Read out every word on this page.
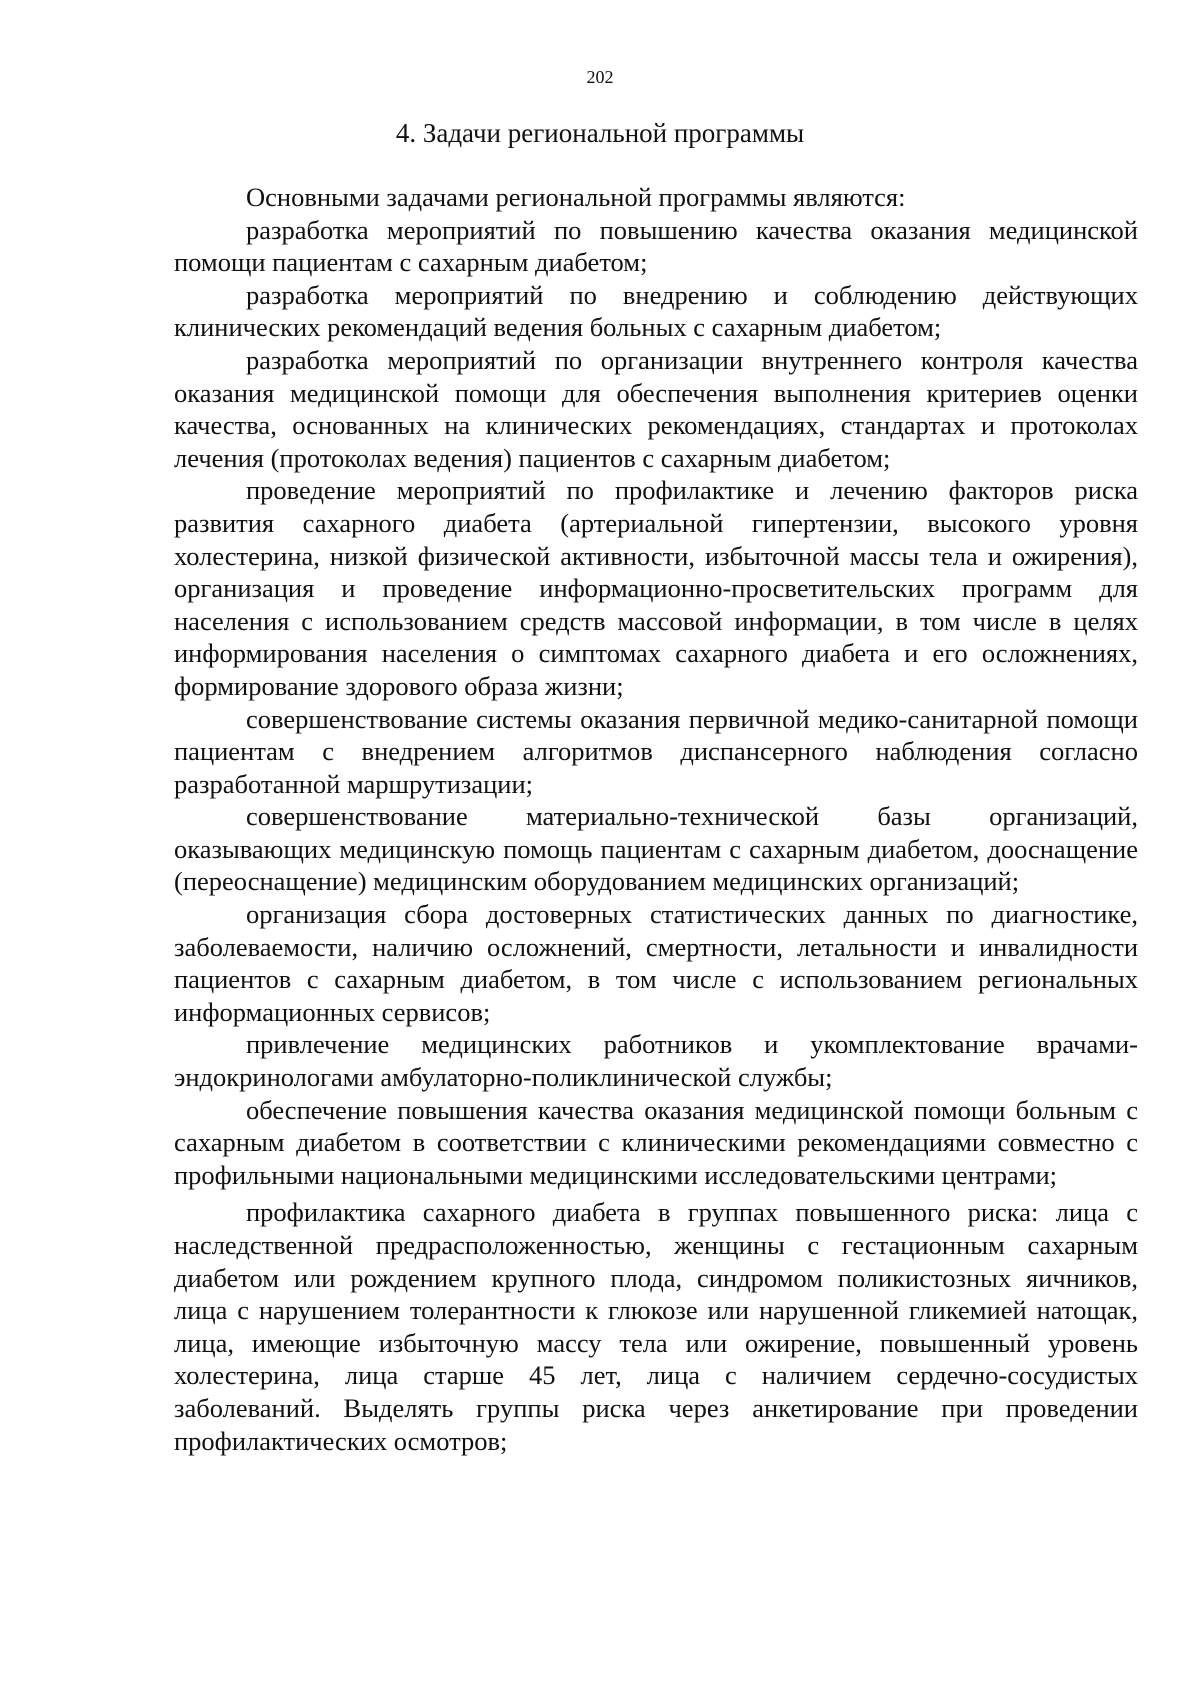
202
4. Задачи региональной программы

Основными задачами региональной программы являются:

разработка мероприятий по повышению качества оказания медицинской помощи пациентам с сахарным диабетом;

разработка мероприятий по внедрению и соблюдению действующих клинических рекомендаций ведения больных с сахарным диабетом;

разработка мероприятий по организации внутреннего контроля качества оказания медицинской помощи для обеспечения выполнения критериев оценки качества, основанных на клинических рекомендациях, стандартах и протоколах лечения (протоколах ведения) пациентов с сахарным диабетом;

проведение мероприятий по профилактике и лечению факторов риска развития сахарного диабета (артериальной гипертензии, высокого уровня холестерина, низкой физической активности, избыточной массы тела и ожирения), организация и проведение информационно-просветительских программ для населения с использованием средств массовой информации, в том числе в целях информирования населения о симптомах сахарного диабета и его осложнениях, формирование здорового образа жизни;

совершенствование системы оказания первичной медико-санитарной помощи пациентам с внедрением алгоритмов диспансерного наблюдения согласно разработанной маршрутизации;

совершенствование материально-технической базы организаций, оказывающих медицинскую помощь пациентам с сахарным диабетом, дооснащение (переоснащение) медицинским оборудованием медицинских организаций;

организация сбора достоверных статистических данных по диагностике, заболеваемости, наличию осложнений, смертности, летальности и инвалидности пациентов с сахарным диабетом, в том числе с использованием региональных информационных сервисов;

привлечение медицинских работников и укомплектование врачами-эндокринологами амбулаторно-поликлинической службы;

обеспечение повышения качества оказания медицинской помощи больным с сахарным диабетом в соответствии с клиническими рекомендациями совместно с профильными национальными медицинскими исследовательскими центрами;

профилактика сахарного диабета в группах повышенного риска: лица с наследственной предрасположенностью, женщины с гестационным сахарным диабетом или рождением крупного плода, синдромом поликистозных яичников, лица с нарушением толерантности к глюкозе или нарушенной гликемией натощак, лица, имеющие избыточную массу тела или ожирение, повышенный уровень холестерина, лица старше 45 лет, лица с наличием сердечно-сосудистых заболеваний. Выделять группы риска через анкетирование при проведении профилактических осмотров;
